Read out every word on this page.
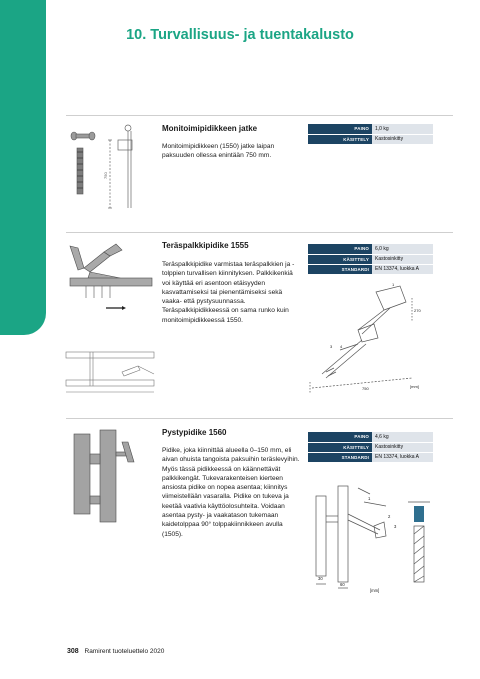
10. Turvallisuus- ja tuentakalusto
750
Monitoimipidikkeen jatke
Monitoimipidikkeen (1550) jatke laipan paksuuden ollessa enintään 750 mm.
PAINO	1,0 kg
KÄSITTELY	Kastosinkitty
Teräspalkkipidike 1555
Teräspalkkipidike varmistaa teräspalkkien ja -tolppien turvallisen kiinnityksen. Palkkikenkiä voi käyttää eri asentoon etäisyyden kasvattamiseksi tai pienentämiseksi sekä vaaka- että pystysuunnassa. Teräspalkkipidikkeessä on sama runko kuin monitoimipidikkeessä 1550.
PAINO	6,0 kg
KÄSITTELY	Kastosinkitty
STANDARDI	EN 13374, luokka A
1
3 4
270
750	[mm]
Pystypidike 1560
Pidike, joka kiinnittää alueella 0–150 mm, eli aivan ohuista tangoista paksuihin teräslevyihin. Myös tässä pidikkeessä on käännettävät palkkikengät. Tukevarakenteisen kierteen ansiosta pidike on nopea asentaa; kiinnitys viimeistellään vasaralla. Pidike on tukeva ja keetää vaativia käyttöolosuhteita. Voidaan asentaa pysty- ja vaakatason tukemaan kaidetolppaa 90° tolppakiinnikkeen avulla (1505).
PAINO	4,6 kg
KÄSITTELY	Kastosinkitty
STANDARDI	EN 13374, luokka A
1
2
3
30
60
[mm]
308 Ramirent tuoteluettelo 2020
